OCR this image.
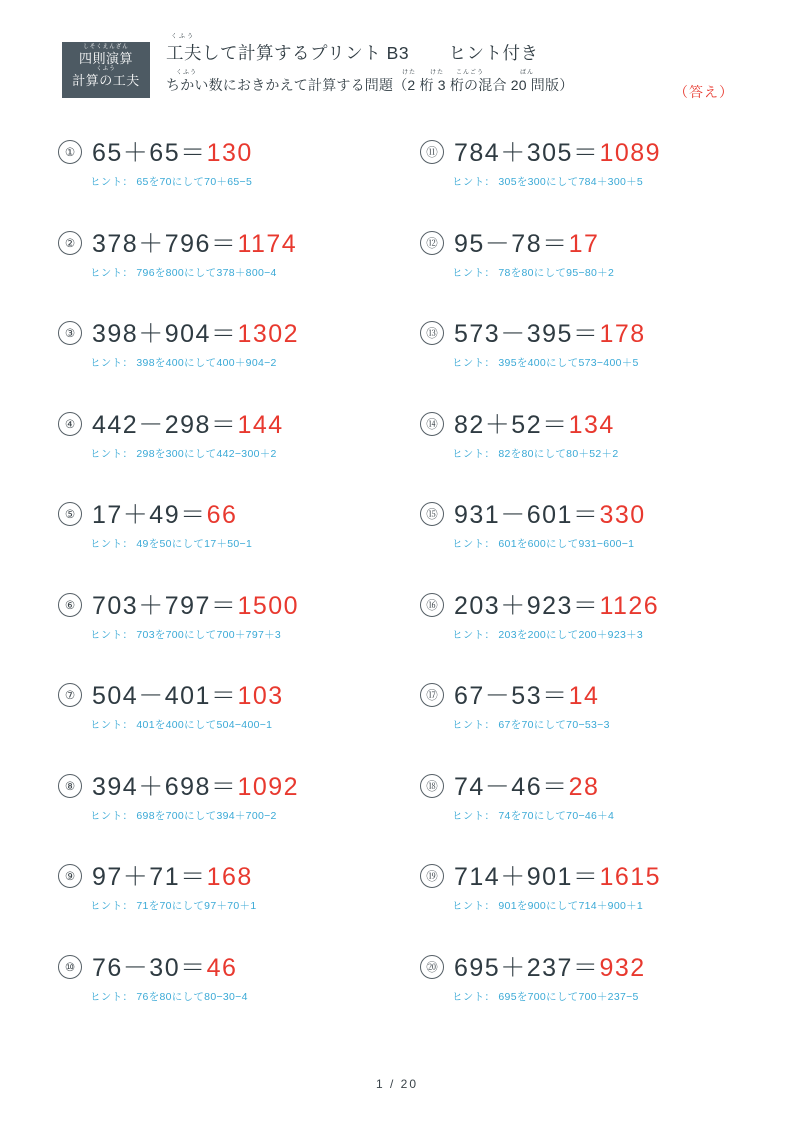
しそくえんざん
四則演算
くふう
計算の工夫
くふう
工夫して計算するプリント B3 ヒント付き
くふう	けた けた こんごう	ばん
ちかい数におきかえて計算する問題（2 桁 3 桁の混合 20 問版）	（答え）
① 65＋65＝130
ヒント： 65を70にして70＋65−5
② 378＋796＝1174
ヒント： 796を800にして378＋800−4
③ 398＋904＝1302
ヒント： 398を400にして400＋904−2
④ 442－298＝144
ヒント： 298を300にして442−300＋2
⑤ 17＋49＝66
ヒント： 49を50にして17＋50−1
⑥ 703＋797＝1500
ヒント： 703を700にして700＋797＋3
⑦ 504－401＝103
ヒント： 401を400にして504−400−1
⑧ 394＋698＝1092
ヒント： 698を700にして394＋700−2
⑨ 97＋71＝168
ヒント： 71を70にして97＋70＋1
⑩ 76－30＝46
ヒント： 76を80にして80−30−4
⑪ 784＋305＝1089
ヒント： 305を300にして784＋300＋5
⑫ 95－78＝17
ヒント： 78を80にして95−80＋2
⑬ 573－395＝178
ヒント： 395を400にして573−400＋5
⑭ 82＋52＝134
ヒント： 82を80にして80＋52＋2
⑮ 931－601＝330
ヒント： 601を600にして931−600−1
⑯ 203＋923＝1126
ヒント： 203を200にして200＋923＋3
⑰ 67－53＝14
ヒント： 67を70にして70−53−3
⑱ 74－46＝28
ヒント： 74を70にして70−46＋4
⑲ 714＋901＝1615
ヒント： 901を900にして714＋900＋1
⑳ 695＋237＝932
ヒント： 695を700にして700＋237−5
1 / 20
